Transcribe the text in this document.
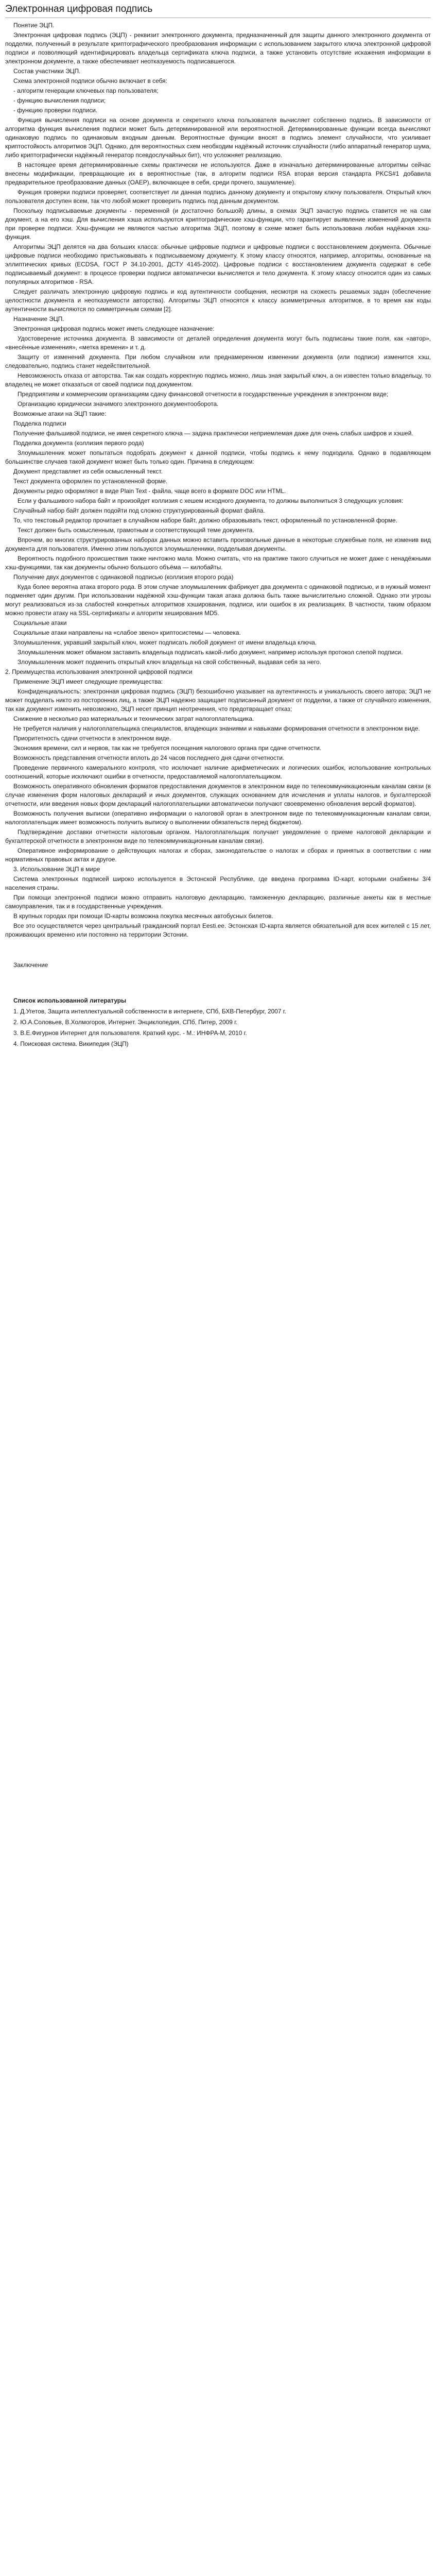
Электронная цифровая подпись

Понятие ЭЦП.

Электронная цифровая подпись (ЭЦП) - реквизит электронного документа, предназначенный для защиты данного электронного документа от подделки, полученный в результате криптографического преобразования информации с использованием закрытого ключа электронной цифровой подписи и позволяющий идентифицировать владельца сертификата ключа подписи, а также установить отсутствие искажения информации в электронном документе, а также обеспечивает неотказуемость подписавшегося.

Состав участники ЭЦП.

Схема электронной подписи обычно включает в себя:

- алгоритм генерации ключевых пар пользователя;

- функцию вычисления подписи;

- функцию проверки подписи.

Функция вычисления подписи на основе документа и секретного ключа пользователя вычисляет собственно подпись. В зависимости от алгоритма функция вычисления подписи может быть детерминированной или вероятностной. Детерминированные функции всегда вычисляют одинаковую подпись по одинаковым входным данным. Вероятностные функции вносят в подпись элемент случайности, что усиливает криптостойкость алгоритмов ЭЦП. Однако, для вероятностных схем необходим надёжный источник случайности (либо аппаратный генератор шума, либо криптографически надёжный генератор псевдослучайных бит), что усложняет реализацию.

В настоящее время детерминированные схемы практически не используются. Даже в изначально детерминированные алгоритмы сейчас внесены модификации, превращающие их в вероятностные (так, в алгоритм подписи RSA вторая версия стандарта PKCS#1 добавила предварительное преобразование данных (OAEP), включающее в себя, среди прочего, зашумление).

Функция проверки подписи проверяет, соответствует ли данная подпись данному документу и открытому ключу пользователя. Открытый ключ пользователя доступен всем, так что любой может проверить подпись под данным документом.

Поскольку подписываемые документы - переменной (и достаточно большой) длины, в схемах ЭЦП зачастую подпись ставится не на сам документ, а на его хэш. Для вычисления хэша используются криптографические хэш-функции, что гарантирует выявление изменений документа при проверке подписи. Хэш-функции не являются частью алгоритма ЭЦП, поэтому в схеме может быть использована любая надёжная хэш-функция.

Алгоритмы ЭЦП делятся на два больших класса: обычные цифровые подписи и цифровые подписи с восстановлением документа. Обычные цифровые подписи необходимо пристыковывать к подписываемому документу. К этому классу относятся, например, алгоритмы, основанные на эллиптических кривых (ECDSA, ГОСТ Р 34.10-2001, ДСТУ 4145-2002). Цифровые подписи с восстановлением документа содержат в себе подписываемый документ: в процессе проверки подписи автоматически вычисляется и тело документа. К этому классу относится один из самых популярных алгоритмов - RSA.

Следует различать электронную цифровую подпись и код аутентичности сообщения, несмотря на схожесть решаемых задач (обеспечение целостности документа и неотказуемости авторства). Алгоритмы ЭЦП относятся к классу асимметричных алгоритмов, в то время как коды аутентичности вычисляются по симметричным схемам [2].

Назначение ЭЦП.

Электронная цифровая подпись может иметь следующее назначение:

Удостоверение источника документа. В зависимости от деталей определения документа могут быть подписаны такие поля, как «автор», «внесённые изменения», «метка времени» и т. д.

Защиту от изменений документа. При любом случайном или преднамеренном изменении документа (или подписи) изменится хэш, следовательно, подпись станет недействительной.

Невозможность отказа от авторства. Так как создать корректную подпись можно, лишь зная закрытый ключ, а он известен только владельцу, то владелец не может отказаться от своей подписи под документом.

Предприятиям и коммерческим организациям сдачу финансовой отчетности в государственные учреждения в электронном виде;

Организацию юридически значимого электронного документооборота.

Возможные атаки на ЭЦП такие:

Подделка подписи

Получение фальшивой подписи, не имея секретного ключа — задача практически неприемлемая даже для очень слабых шифров и хэшей.

Подделка документа (коллизия первого рода)

Злоумышленник может попытаться подобрать документ к данной подписи, чтобы подпись к нему подходила. Однако в подавляющем большинстве случаев такой документ может быть только один. Причина в следующем:

Документ представляет из себя осмысленный текст.

Текст документа оформлен по установленной форме.

Документы редко оформляют в виде Plain Text - файла, чаще всего в формате DOC или HTML.

Если у фальшивого набора байт и произойдет коллизия с хешем исходного документа, то должны выполниться 3 следующих условия:

Случайный набор байт должен подойти под сложно структурированный формат файла.

То, что текстовый редактор прочитает в случайном наборе байт, должно образовывать текст, оформленный по установленной форме.

Текст должен быть осмысленным, грамотным и соответствующий теме документа.

Впрочем, во многих структурированных наборах данных можно вставить произвольные данные в некоторые служебные поля, не изменив вид документа для пользователя. Именно этим пользуются злоумышленники, подделывая документы.

Вероятность подобного происшествия также ничтожно мала. Можно считать, что на практике такого случиться не может даже с ненадёжными хэш-функциями, так как документы обычно большого объёма — килобайты.

Получение двух документов с одинаковой подписью (коллизия второго рода)

Куда более вероятна атака второго рода. В этом случае злоумышленник фабрикует два документа с одинаковой подписью, и в нужный момент подменяет один другим. При использовании надёжной хэш-функции такая атака должна быть также вычислительно сложной. Однако эти угрозы могут реализоваться из-за слабостей конкретных алгоритмов хэширования, подписи, или ошибок в их реализациях. В частности, таким образом можно провести атаку на SSL-сертификаты и алгоритм хеширования MD5.

Социальные атаки

Социальные атаки направлены на «слабое звено» криптосистемы — человека.

Злоумышленник, укравший закрытый ключ, может подписать любой документ от имени владельца ключа.

Злоумышленник может обманом заставить владельца подписать какой-либо документ, например используя протокол слепой подписи.

Злоумышленник может подменить открытый ключ владельца на свой собственный, выдавая себя за него.

2. Преимущества использования электронной цифровой подписи

Применение ЭЦП имеет следующие преимущества:

Конфиденциальность: электронная цифровая подпись (ЭЦП) безошибочно указывает на аутентичность и уникальность своего автора; ЭЦП не может подделать никто из посторонних лиц, а также ЭЦП надежно защищает подписанный документ от подделки, а также от случайного изменения, так как документ изменить невозможно, ЭЦП несет принцип неотречения, что предотвращает отказ;

Снижение в несколько раз материальных и технических затрат налогоплательщика.

Не требуется наличия у налогоплательщика специалистов, владеющих знаниями и навыками формирования отчетности в электронном виде.

Приоритетность сдачи отчетности в электронном виде.

Экономия времени, сил и нервов, так как не требуется посещения налогового органа при сдаче отчетности.

Возможность представления отчетности вплоть до 24 часов последнего дня сдачи отчетности.

Проведение первичного камерального контроля, что исключает наличие арифметических и логических ошибок, использование контрольных соотношений, которые исключают ошибки в отчетности, предоставляемой налогоплательщиком.

Возможность оперативного обновления форматов предоставления документов в электронном виде по телекоммуникационным каналам связи (в случае изменения форм налоговых деклараций и иных документов, служащих основанием для исчисления и уплаты налогов, и бухгалтерской отчетности, или введения новых форм деклараций налогоплательщики автоматически получают своевременно обновления версий форматов).

Возможность получения выписки (оперативно информации о налоговой орган в электронном виде по телекоммуникационным каналам связи, налогоплательщик имеет возможность получить выписку о выполнении обязательств перед бюджетом).

Подтверждение доставки отчетности налоговым органом. Налогоплательщик получает уведомление о приеме налоговой декларации и бухгалтерской отчетности в электронном виде по телекоммуникационным каналам связи).

Оперативное информирование о действующих налогах и сборах, законодательстве о налогах и сборах и принятых в соответствии с ним нормативных правовых актах и другое.

3. Использование ЭЦП в мире

Система электронных подписей широко используется в Эстонской Республике, где введена программа ID-карт, которыми снабжены 3/4 населения страны.

При помощи электронной подписи можно отправить налоговую декларацию, таможенную декларацию, различные анкеты как в местные самоуправления, так и в государственные учреждения.

В крупных городах при помощи ID-карты возможна покупка месячных автобусных билетов.

Все это осуществляется через центральный гражданский портал Eesti.ee. Эстонская ID-карта является обязательной для всех жителей с 15 лет, проживающих временно или постоянно на территории Эстонии.

Заключение

Список использованной литературы
1. Д.Угетов, Защита интеллектуальной собственности в интернете, СПб, БХВ-Петербург, 2007 г.
2. Ю.А.Соловьев, В.Холмогоров, Интернет. Энциклопедия, СПб, Питер, 2009 г.
3. В.Е.Фигурнов Интернет для пользователя. Краткий курс. - М.: ИНФРА-М, 2010 г.
4. Поисковая система. Википедия (ЭЦП)
